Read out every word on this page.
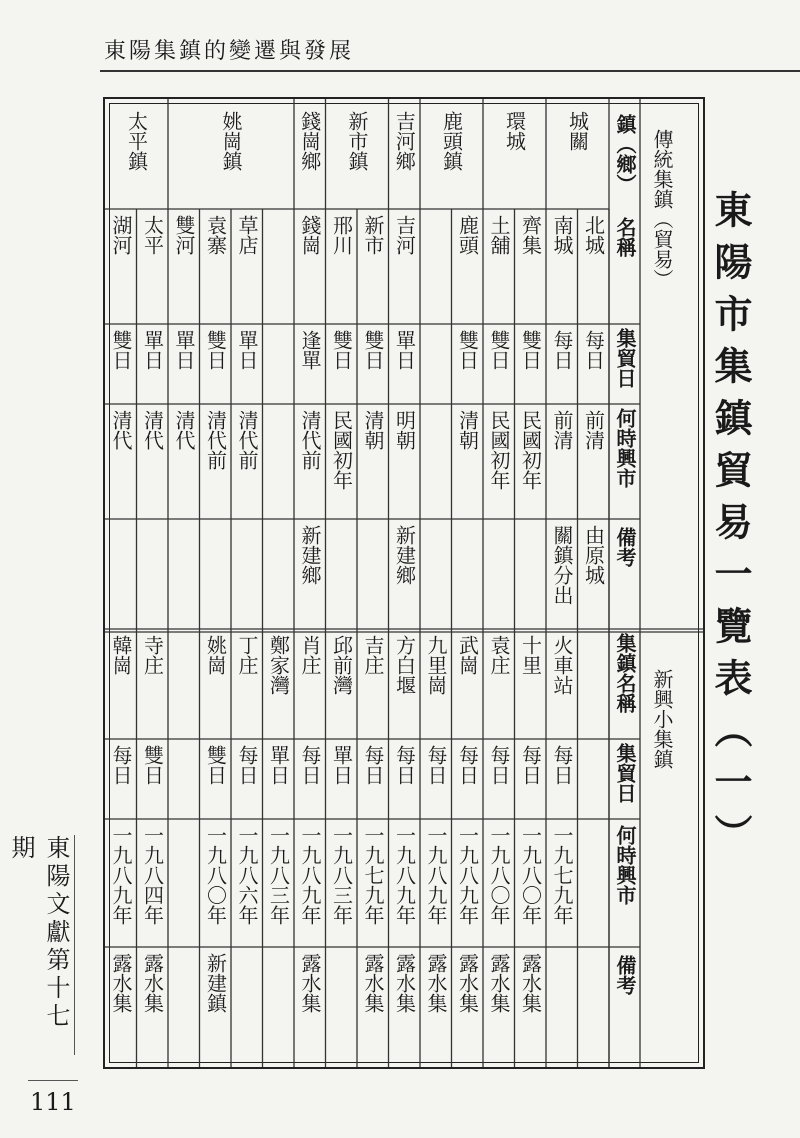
東陽集鎮的變遷與發展
東陽市集鎮貿易一覽表（一）
傳統集鎮（貿易）
新興小集鎮
鎮（鄉）
名稱
集貿日
何時興市
備考
集鎮名稱
集貿日
何時興市
備考
城關
環城
鹿頭鎮
吉河鄉
新市鎮
錢崗鄉
姚崗鎮
太平鎮
北城
每日
前清
由原城
南城
每日
前清
關鎮分出
齊集
雙日
民國初年
土舖
雙日
民國初年
鹿頭
雙日
清朝
吉河
單日
明朝
新建鄉
新市
雙日
清朝
邢川
雙日
民國初年
錢崗
逢單
清代前
新建鄉
草店
單日
清代前
袁寨
雙日
清代前
雙河
單日
清代
太平
單日
清代
湖河
雙日
清代
火車站
每日
一九七九年
十里
每日
一九八〇年
露水集
袁庄
每日
一九八〇年
露水集
武崗
每日
一九八九年
露水集
九里崗
每日
一九八九年
露水集
方白堰
每日
一九八九年
露水集
吉庄
每日
一九七九年
露水集
邱前灣
單日
一九八三年
肖庄
每日
一九八九年
露水集
鄭家灣
單日
一九八三年
丁庄
每日
一九八六年
姚崗
雙日
一九八〇年
新建鎮
寺庄
雙日
一九八四年
露水集
韓崗
每日
一九八九年
露水集
東陽文獻第十七期
111
